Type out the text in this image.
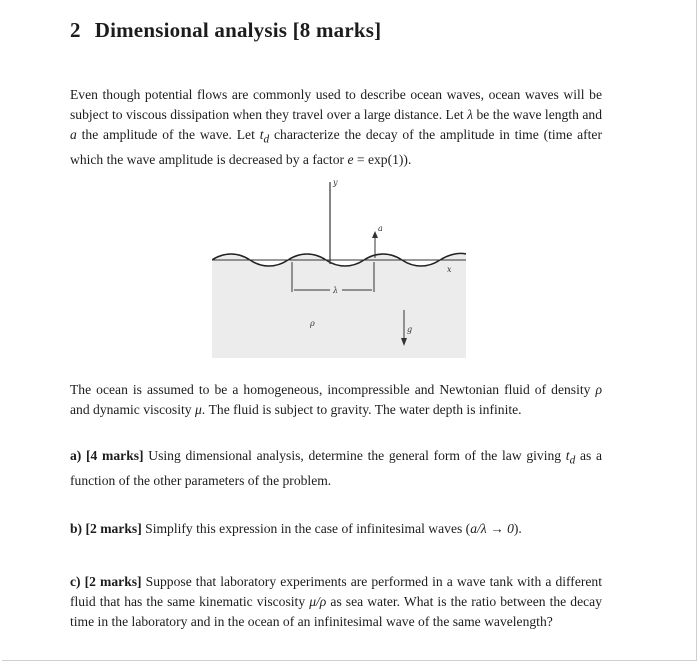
2 Dimensional analysis [8 marks]

Even though potential flows are commonly used to describe ocean waves, ocean waves will be subject to viscous dissipation when they travel over a large distance. Let λ be the wave length and a the amplitude of the wave. Let $t_d$ characterize the decay of the amplitude in time (time after which the wave amplitude is decreased by a factor e = exp(1)).

y
x
a
λ
ρ
g

The ocean is assumed to be a homogeneous, incompressible and Newtonian fluid of density ρ and dynamic viscosity μ. The fluid is subject to gravity. The water depth is infinite.

a) [4 marks] Using dimensional analysis, determine the general form of the law giving $t_d$ as a function of the other parameters of the problem.

b) [2 marks] Simplify this expression in the case of infinitesimal waves (a/λ → 0).

c) [2 marks] Suppose that laboratory experiments are performed in a wave tank with a different fluid that has the same kinematic viscosity μ/ρ as sea water. What is the ratio between the decay time in the laboratory and in the ocean of an infinitesimal wave of the same wavelength?
